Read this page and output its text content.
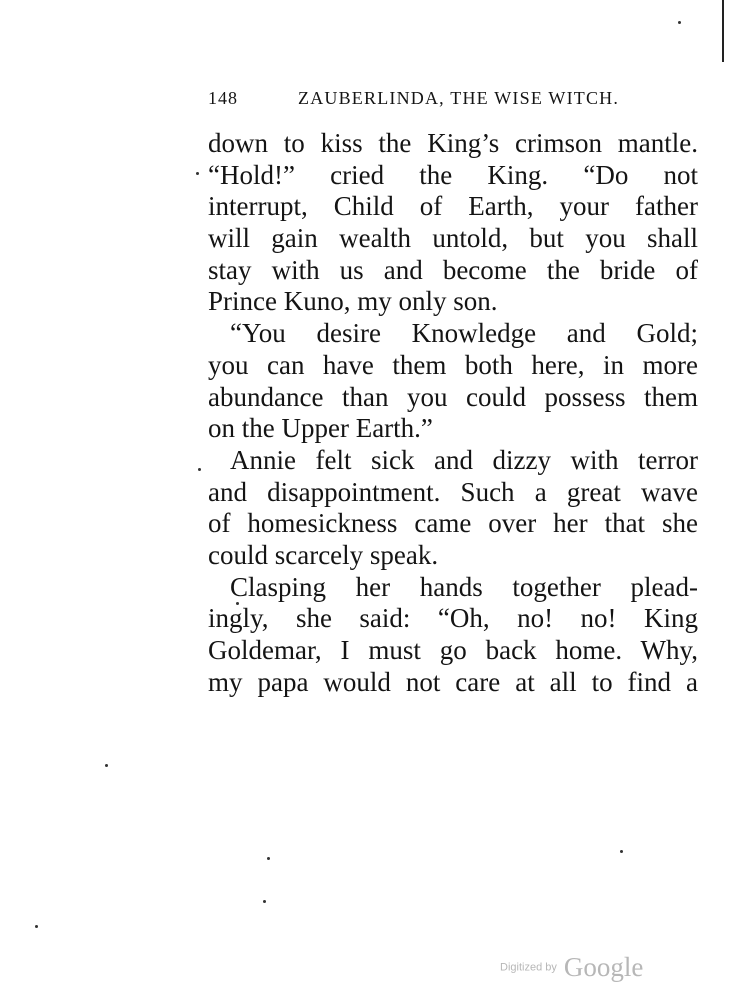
148	ZAUBERLINDA, THE WISE WITCH.
down to kiss the King’s crimson mantle.
“Hold!” cried the King. “Do not
interrupt, Child of Earth, your father
will gain wealth untold, but you shall
stay with us and become the bride of
Prince Kuno, my only son.
“You desire Knowledge and Gold;
you can have them both here, in more
abundance than you could possess them
on the Upper Earth.”
Annie felt sick and dizzy with terror
and disappointment. Such a great wave
of homesickness came over her that she
could scarcely speak.
Clasping her hands together plead-
ingly, she said: “Oh, no! no! King
Goldemar, I must go back home. Why,
my papa would not care at all to find a
Digitized by Google
